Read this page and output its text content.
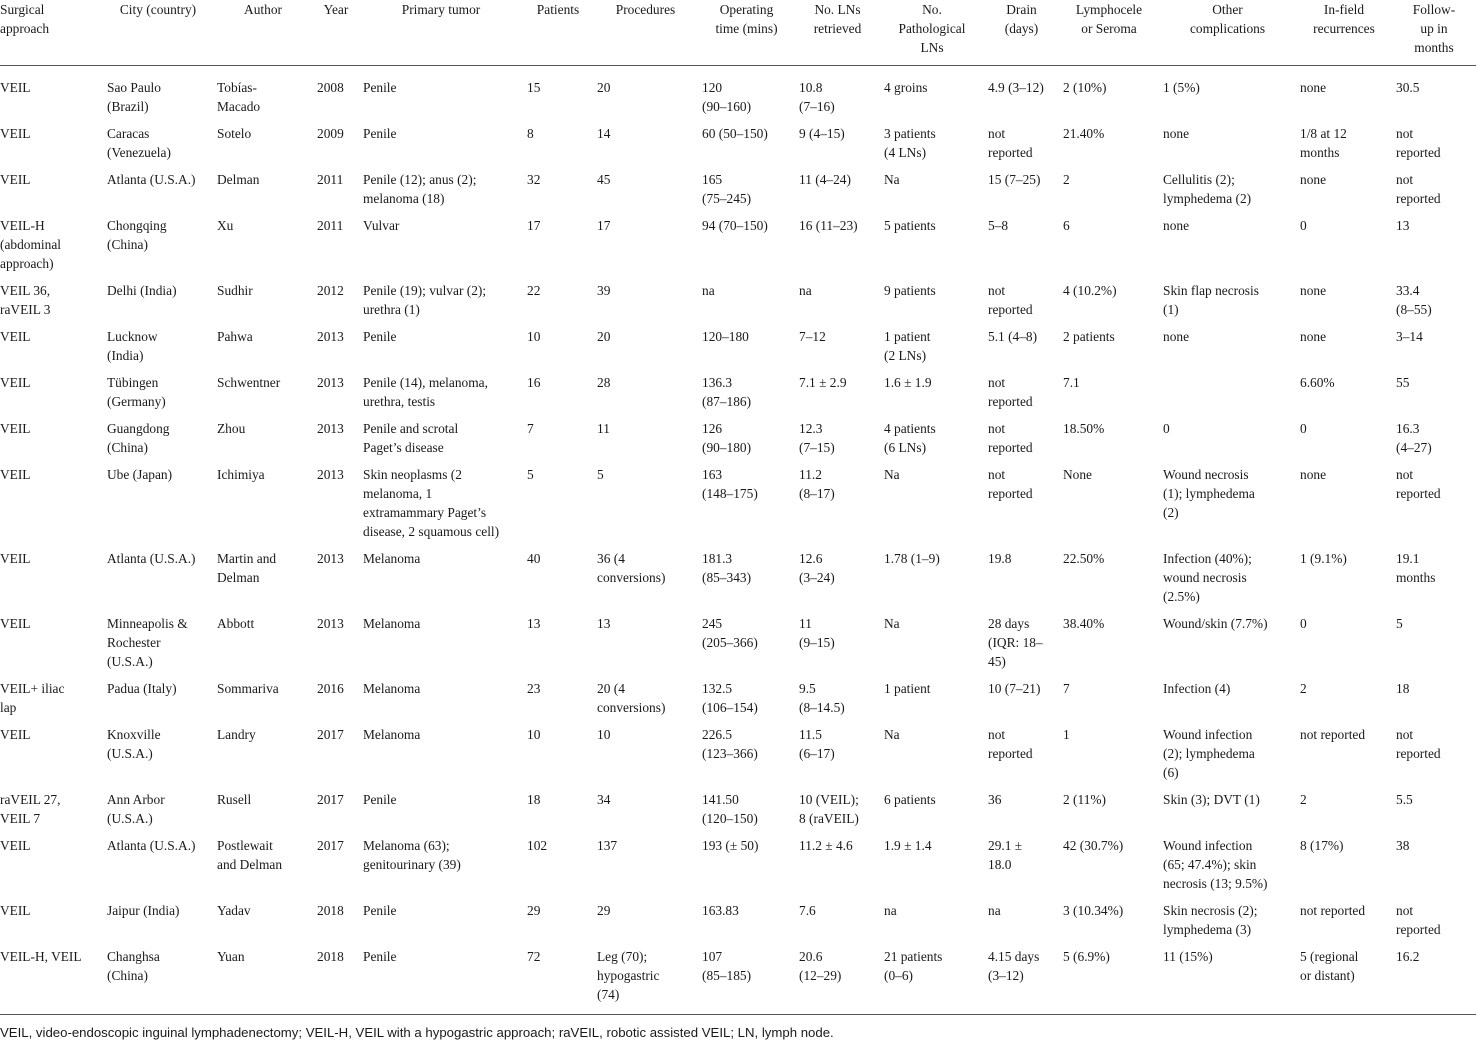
Surgical
approach	City (country)	Author	Year	Primary tumor	Patients	Procedures	Operating
time (mins)	No. LNs
retrieved	No.
Pathological
LNs	Drain
(days)	Lymphocele
or Seroma	Other
complications	In-field
recurrences	Follow-
up in
months
VEIL	Sao Paulo
(Brazil)	Tobías-
Macado	2008	Penile	15	20	120
(90–160)	10.8
(7–16)	4 groins	4.9 (3–12)	2 (10%)	1 (5%)	none	30.5
VEIL	Caracas
(Venezuela)	Sotelo	2009	Penile	8	14	60 (50–150)	9 (4–15)	3 patients
(4 LNs)	not
reported	21.40%	none	1/8 at 12
months	not
reported
VEIL	Atlanta (U.S.A.)	Delman	2011	Penile (12); anus (2);
melanoma (18)	32	45	165
(75–245)	11 (4–24)	Na	15 (7–25)	2	Cellulitis (2);
lymphedema (2)	none	not
reported
VEIL-H
(abdominal
approach)	Chongqing
(China)	Xu	2011	Vulvar	17	17	94 (70–150)	16 (11–23)	5 patients	5–8	6	none	0	13
VEIL 36,
raVEIL 3	Delhi (India)	Sudhir	2012	Penile (19); vulvar (2);
urethra (1)	22	39	na	na	9 patients	not
reported	4 (10.2%)	Skin flap necrosis
(1)	none	33.4
(8–55)
VEIL	Lucknow
(India)	Pahwa	2013	Penile	10	20	120–180	7–12	1 patient
(2 LNs)	5.1 (4–8)	2 patients	none	none	3–14
VEIL	Tübingen
(Germany)	Schwentner	2013	Penile (14), melanoma,
urethra, testis	16	28	136.3
(87–186)	7.1 ± 2.9	1.6 ± 1.9	not
reported	7.1		6.60%	55
VEIL	Guangdong
(China)	Zhou	2013	Penile and scrotal
Paget’s disease	7	11	126
(90–180)	12.3
(7–15)	4 patients
(6 LNs)	not
reported	18.50%	0	0	16.3
(4–27)
VEIL	Ube (Japan)	Ichimiya	2013	Skin neoplasms (2
melanoma, 1
extramammary Paget’s
disease, 2 squamous cell)	5	5	163
(148–175)	11.2
(8–17)	Na	not
reported	None	Wound necrosis
(1); lymphedema
(2)	none	not
reported
VEIL	Atlanta (U.S.A.)	Martin and
Delman	2013	Melanoma	40	36 (4
conversions)	181.3
(85–343)	12.6
(3–24)	1.78 (1–9)	19.8	22.50%	Infection (40%);
wound necrosis
(2.5%)	1 (9.1%)	19.1
months
VEIL	Minneapolis &
Rochester
(U.S.A.)	Abbott	2013	Melanoma	13	13	245
(205–366)	11
(9–15)	Na	28 days
(IQR: 18–
45)	38.40%	Wound/skin (7.7%)	0	5
VEIL+ iliac
lap	Padua (Italy)	Sommariva	2016	Melanoma	23	20 (4
conversions)	132.5
(106–154)	9.5
(8–14.5)	1 patient	10 (7–21)	7	Infection (4)	2	18
VEIL	Knoxville
(U.S.A.)	Landry	2017	Melanoma	10	10	226.5
(123–366)	11.5
(6–17)	Na	not
reported	1	Wound infection
(2); lymphedema
(6)	not reported	not
reported
raVEIL 27,
VEIL 7	Ann Arbor
(U.S.A.)	Rusell	2017	Penile	18	34	141.50
(120–150)	10 (VEIL);
8 (raVEIL)	6 patients	36	2 (11%)	Skin (3); DVT (1)	2	5.5
VEIL	Atlanta (U.S.A.)	Postlewait
and Delman	2017	Melanoma (63);
genitourinary (39)	102	137	193 (± 50)	11.2 ± 4.6	1.9 ± 1.4	29.1 ±
18.0	42 (30.7%)	Wound infection
(65; 47.4%); skin
necrosis (13; 9.5%)	8 (17%)	38
VEIL	Jaipur (India)	Yadav	2018	Penile	29	29	163.83	7.6	na	na	3 (10.34%)	Skin necrosis (2);
lymphedema (3)	not reported	not
reported
VEIL-H, VEIL	Changhsa
(China)	Yuan	2018	Penile	72	Leg (70);
hypogastric
(74)	107
(85–185)	20.6
(12–29)	21 patients
(0–6)	4.15 days
(3–12)	5 (6.9%)	11 (15%)	5 (regional
or distant)	16.2
VEIL, video-endoscopic inguinal lymphadenectomy; VEIL-H, VEIL with a hypogastric approach; raVEIL, robotic assisted VEIL; LN, lymph node.
